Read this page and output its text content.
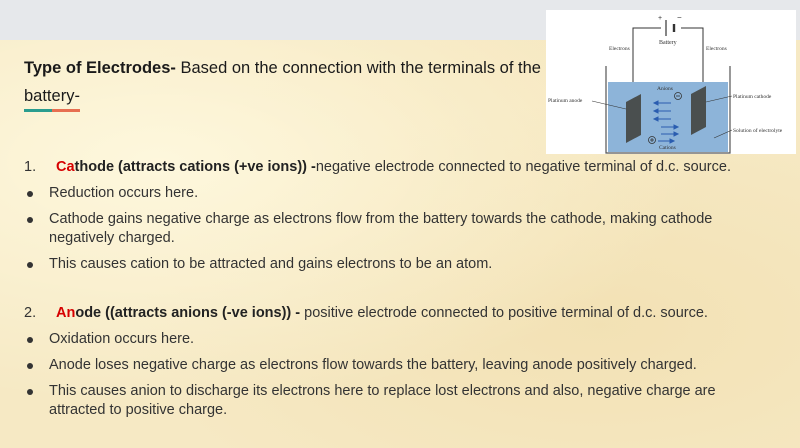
Type of Electrodes- Based on the connection with the terminals of the battery-
+ −
Battery
Electrons	Electrons
Platinum anode
Platinum cathode
Solution of electrolyte
Anions
Cations
1. Cathode (attracts cations (+ve ions)) -negative electrode connected to negative terminal of d.c. source.
Reduction occurs here.
Cathode gains negative charge as electrons flow from the battery towards the cathode, making cathode negatively charged.
This causes cation to be attracted and gains electrons to be an atom.
2. Anode ((attracts anions (-ve ions)) - positive electrode connected to positive terminal of d.c. source.
Oxidation occurs here.
Anode loses negative charge as electrons flow towards the battery, leaving anode positively charged.
This causes anion to discharge its electrons here to replace lost electrons and also, negative charge are attracted to positive charge.
